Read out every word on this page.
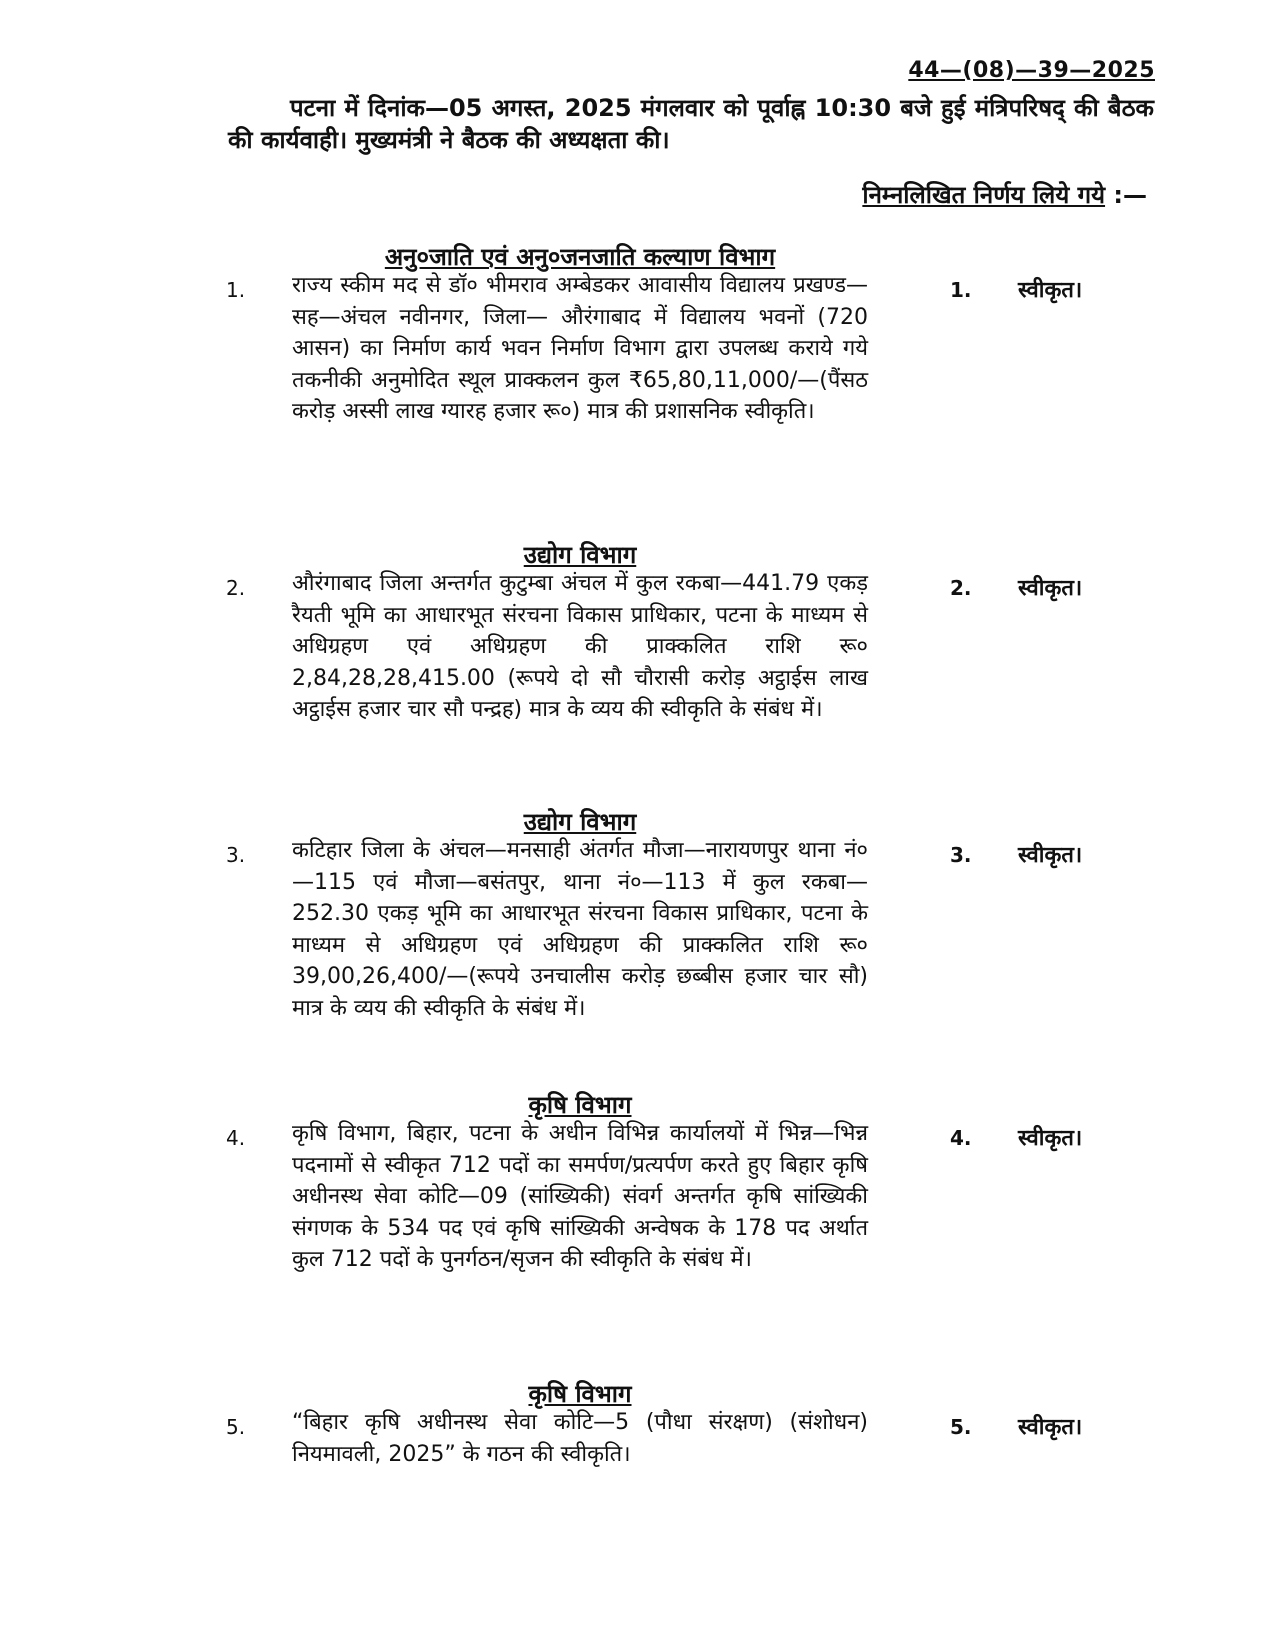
44—(08)—39—2025
पटना में दिनांक—05 अगस्त, 2025 मंगलवार को पूर्वाह्न 10:30 बजे हुई मंत्रिपरिषद् की बैठक की कार्यवाही। मुख्यमंत्री ने बैठक की अध्यक्षता की।
निम्नलिखित निर्णय लिये गये :—
अनु०जाति एवं अनु०जनजाति कल्याण विभाग
1. राज्य स्कीम मद से डॉ० भीमराव अम्बेडकर आवासीय विद्यालय प्रखण्ड—सह—अंचल नवीनगर, जिला— औरंगाबाद में विद्यालय भवनों (720 आसन) का निर्माण कार्य भवन निर्माण विभाग द्वारा उपलब्ध कराये गये तकनीकी अनुमोदित स्थूल प्राक्कलन कुल ₹65,80,11,000/—(पैंसठ करोड़ अस्सी लाख ग्यारह हजार रू०) मात्र की प्रशासनिक स्वीकृति।
1. स्वीकृत।
उद्योग विभाग
2. औरंगाबाद जिला अन्तर्गत कुटुम्बा अंचल में कुल रकबा—441.79 एकड़ रैयती भूमि का आधारभूत संरचना विकास प्राधिकार, पटना के माध्यम से अधिग्रहण एवं अधिग्रहण की प्राक्कलित राशि रू० 2,84,28,28,415.00 (रूपये दो सौ चौरासी करोड़ अट्ठाईस लाख अट्ठाईस हजार चार सौ पन्द्रह) मात्र के व्यय की स्वीकृति के संबंध में।
2. स्वीकृत।
उद्योग विभाग
3. कटिहार जिला के अंचल—मनसाही अंतर्गत मौजा—नारायणपुर थाना नं०—115 एवं मौजा—बसंतपुर, थाना नं०—113 में कुल रकबा—252.30 एकड़ भूमि का आधारभूत संरचना विकास प्राधिकार, पटना के माध्यम से अधिग्रहण एवं अधिग्रहण की प्राक्कलित राशि रू० 39,00,26,400/—(रूपये उनचालीस करोड़ छब्बीस हजार चार सौ) मात्र के व्यय की स्वीकृति के संबंध में।
3. स्वीकृत।
कृषि विभाग
4. कृषि विभाग, बिहार, पटना के अधीन विभिन्न कार्यालयों में भिन्न—भिन्न पदनामों से स्वीकृत 712 पदों का समर्पण/प्रत्यर्पण करते हुए बिहार कृषि अधीनस्थ सेवा कोटि—09 (सांख्यिकी) संवर्ग अन्तर्गत कृषि सांख्यिकी संगणक के 534 पद एवं कृषि सांख्यिकी अन्वेषक के 178 पद अर्थात कुल 712 पदों के पुनर्गठन/सृजन की स्वीकृति के संबंध में।
4. स्वीकृत।
कृषि विभाग
5. “बिहार कृषि अधीनस्थ सेवा कोटि—5 (पौधा संरक्षण) (संशोधन) नियमावली, 2025” के गठन की स्वीकृति।
5. स्वीकृत।
